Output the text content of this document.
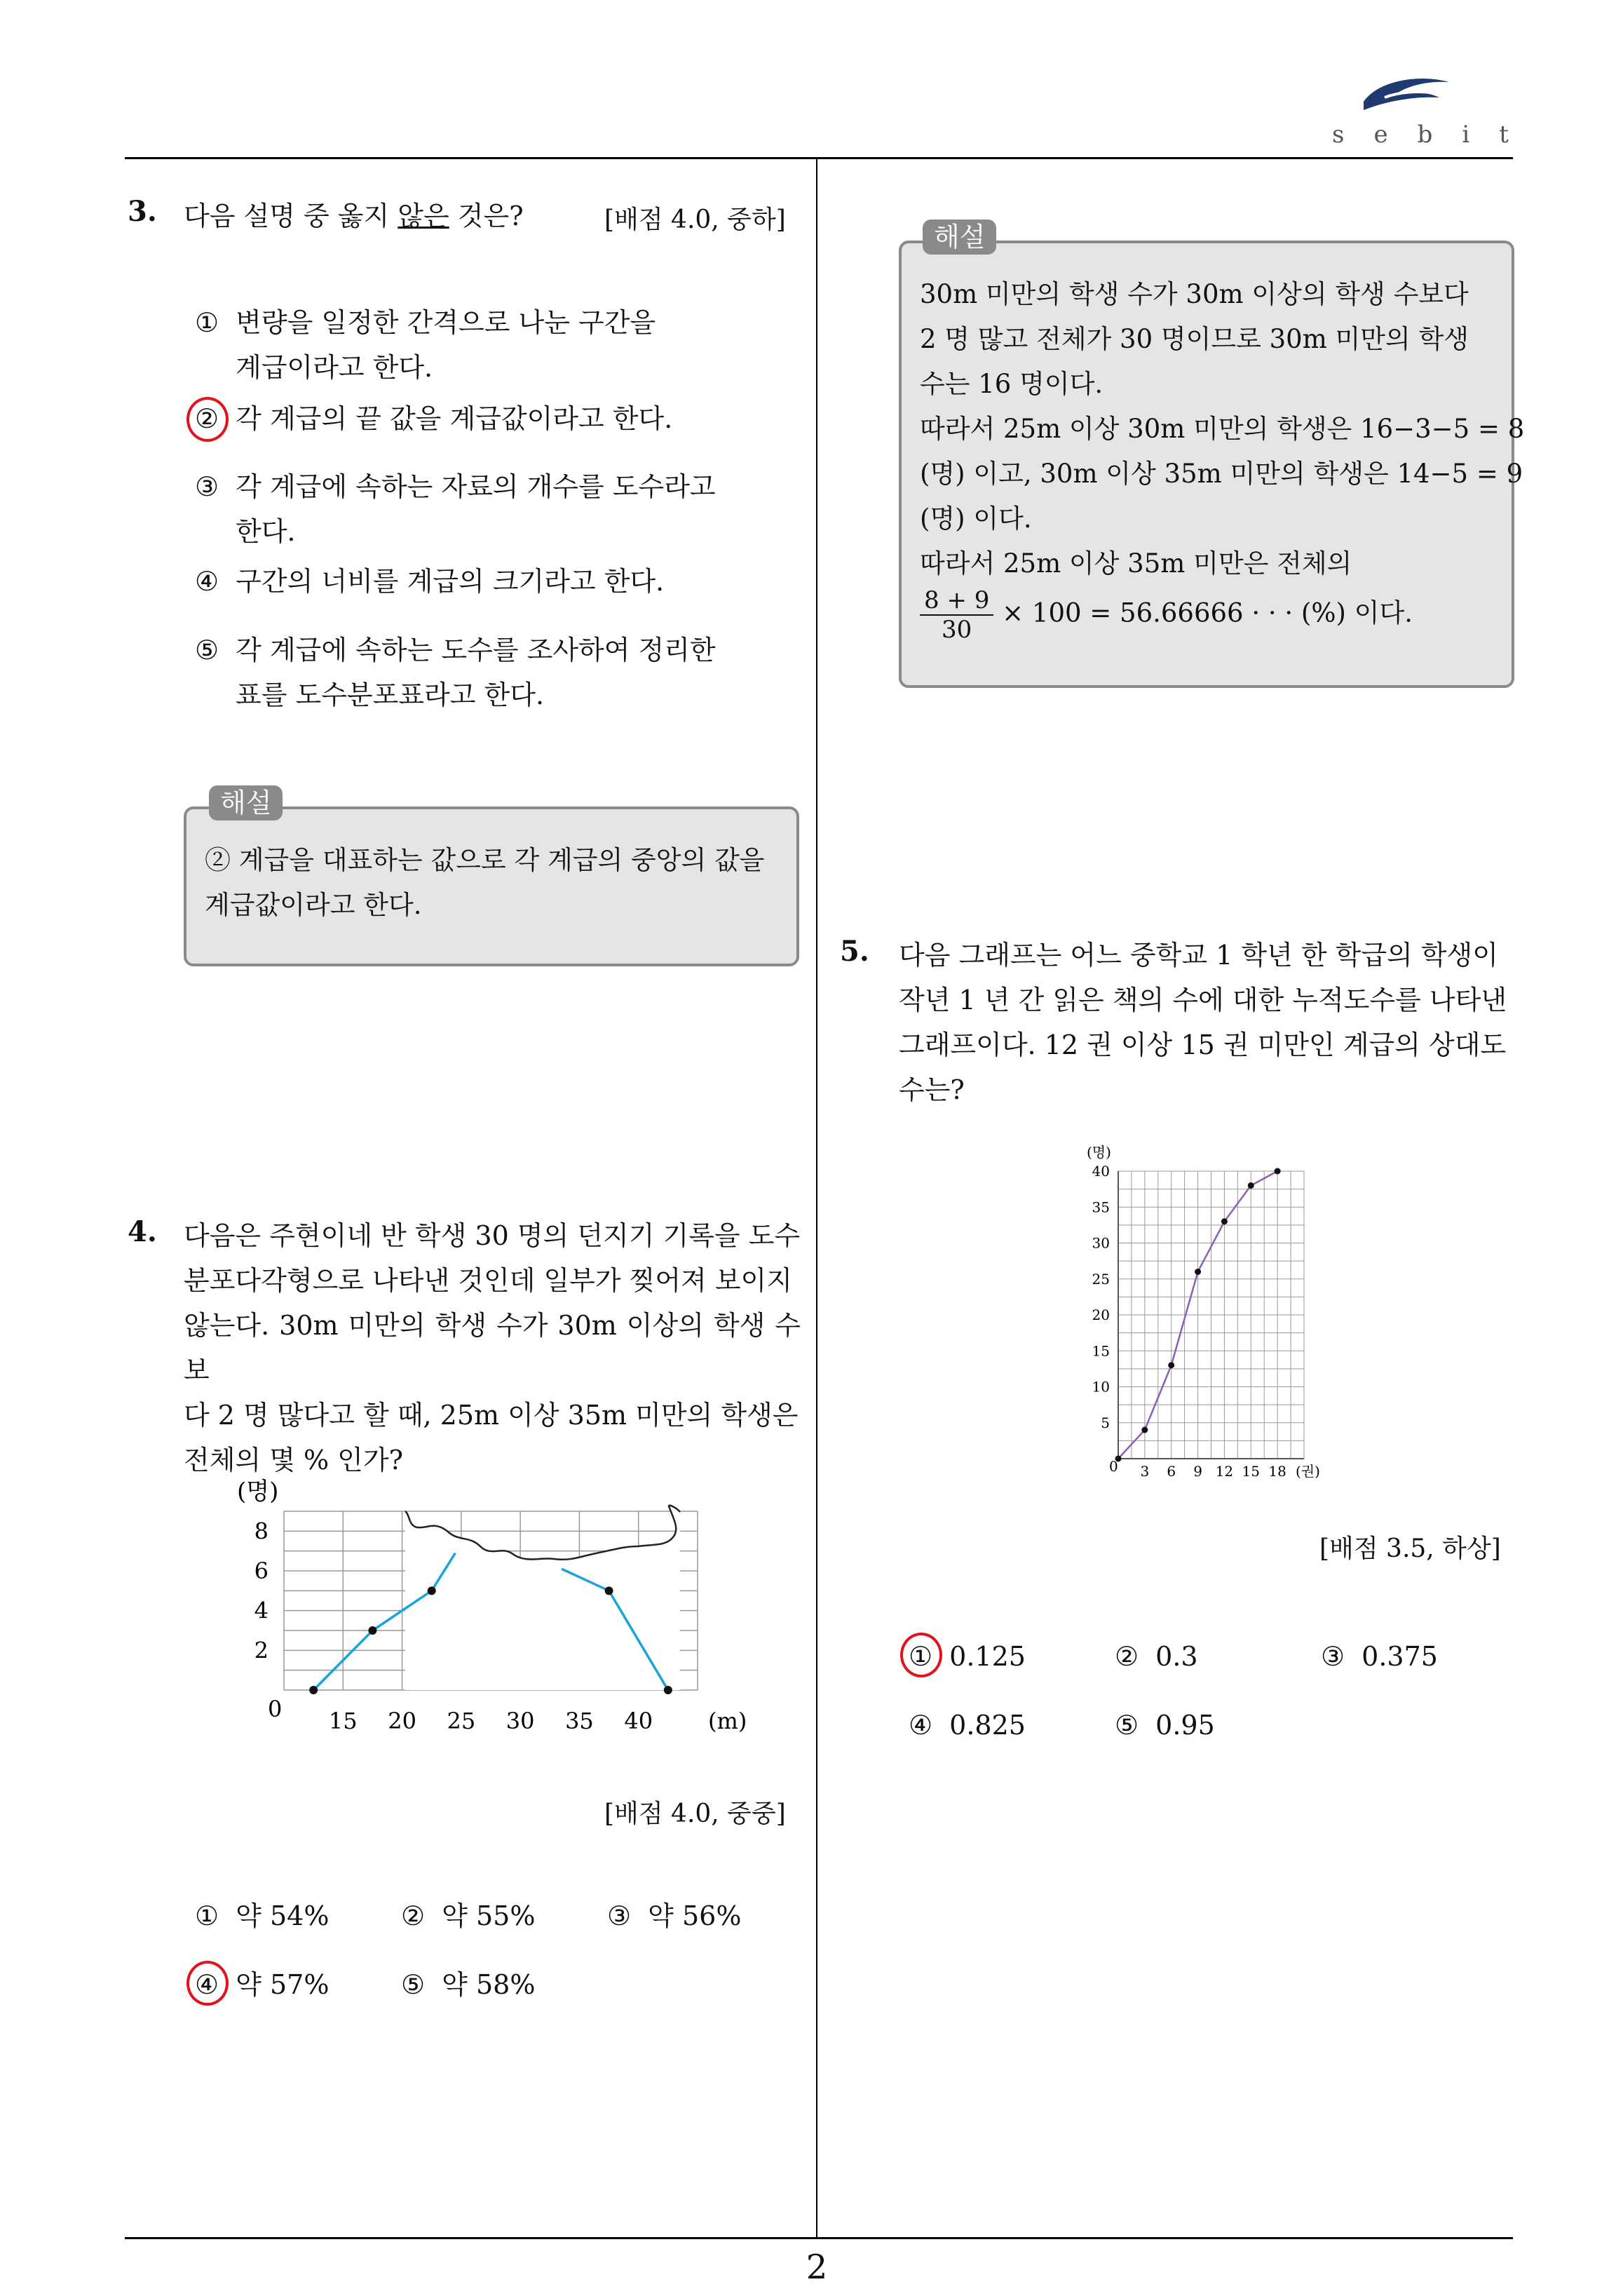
sebit
3. 다음 설명 중 옳지 않은 것은?	[배점 4.0, 중하]
① 변량을 일정한 간격으로 나눈 구간을
계급이라고 한다.
② 각 계급의 끝 값을 계급값이라고 한다.
③ 각 계급에 속하는 자료의 개수를 도수라고
한다.
④ 구간의 너비를 계급의 크기라고 한다.
⑤ 각 계급에 속하는 도수를 조사하여 정리한
표를 도수분포표라고 한다.
해설
② 계급을 대표하는 값으로 각 계급의 중앙의 값을
계급값이라고 한다.
4. 다음은 주현이네 반 학생 30 명의 던지기 기록을 도수
분포다각형으로 나타낸 것인데 일부가 찢어져 보이지
않는다. 30m 미만의 학생 수가 30m 이상의 학생 수보
다 2 명 많다고 할 때, 25m 이상 35m 미만의 학생은
전체의 몇 % 인가?
(명)
0	(m)
15 20 25 30 35 40
2
4
6
8
[배점 4.0, 중중]
① 약 54%	② 약 55%	③ 약 56%
④ 약 57%	⑤ 약 58%
해설
30m 미만의 학생 수가 30m 이상의 학생 수보다
2 명 많고 전체가 30 명이므로 30m 미만의 학생
수는 16 명이다.
따라서 25m 이상 30m 미만의 학생은 16−3−5 = 8
(명) 이고, 30m 이상 35m 미만의 학생은 14−5 = 9
(명) 이다.
따라서 25m 이상 35m 미만은 전체의
$\frac{8 + 9}{30} \times 100 = 56.66666$ · · · (%) 이다.
5. 다음 그래프는 어느 중학교 1 학년 한 학급의 학생이
작년 1 년 간 읽은 책의 수에 대한 누적도수를 나타낸
그래프이다. 12 권 이상 15 권 미만인 계급의 상대도
수는?
(명)
0	(권)
3 6 9 12 15 18
5
10
15
20
25
30
35
40
[배점 3.5, 하상]
① 0.125	② 0.3	③ 0.375
④ 0.825	⑤ 0.95
2
